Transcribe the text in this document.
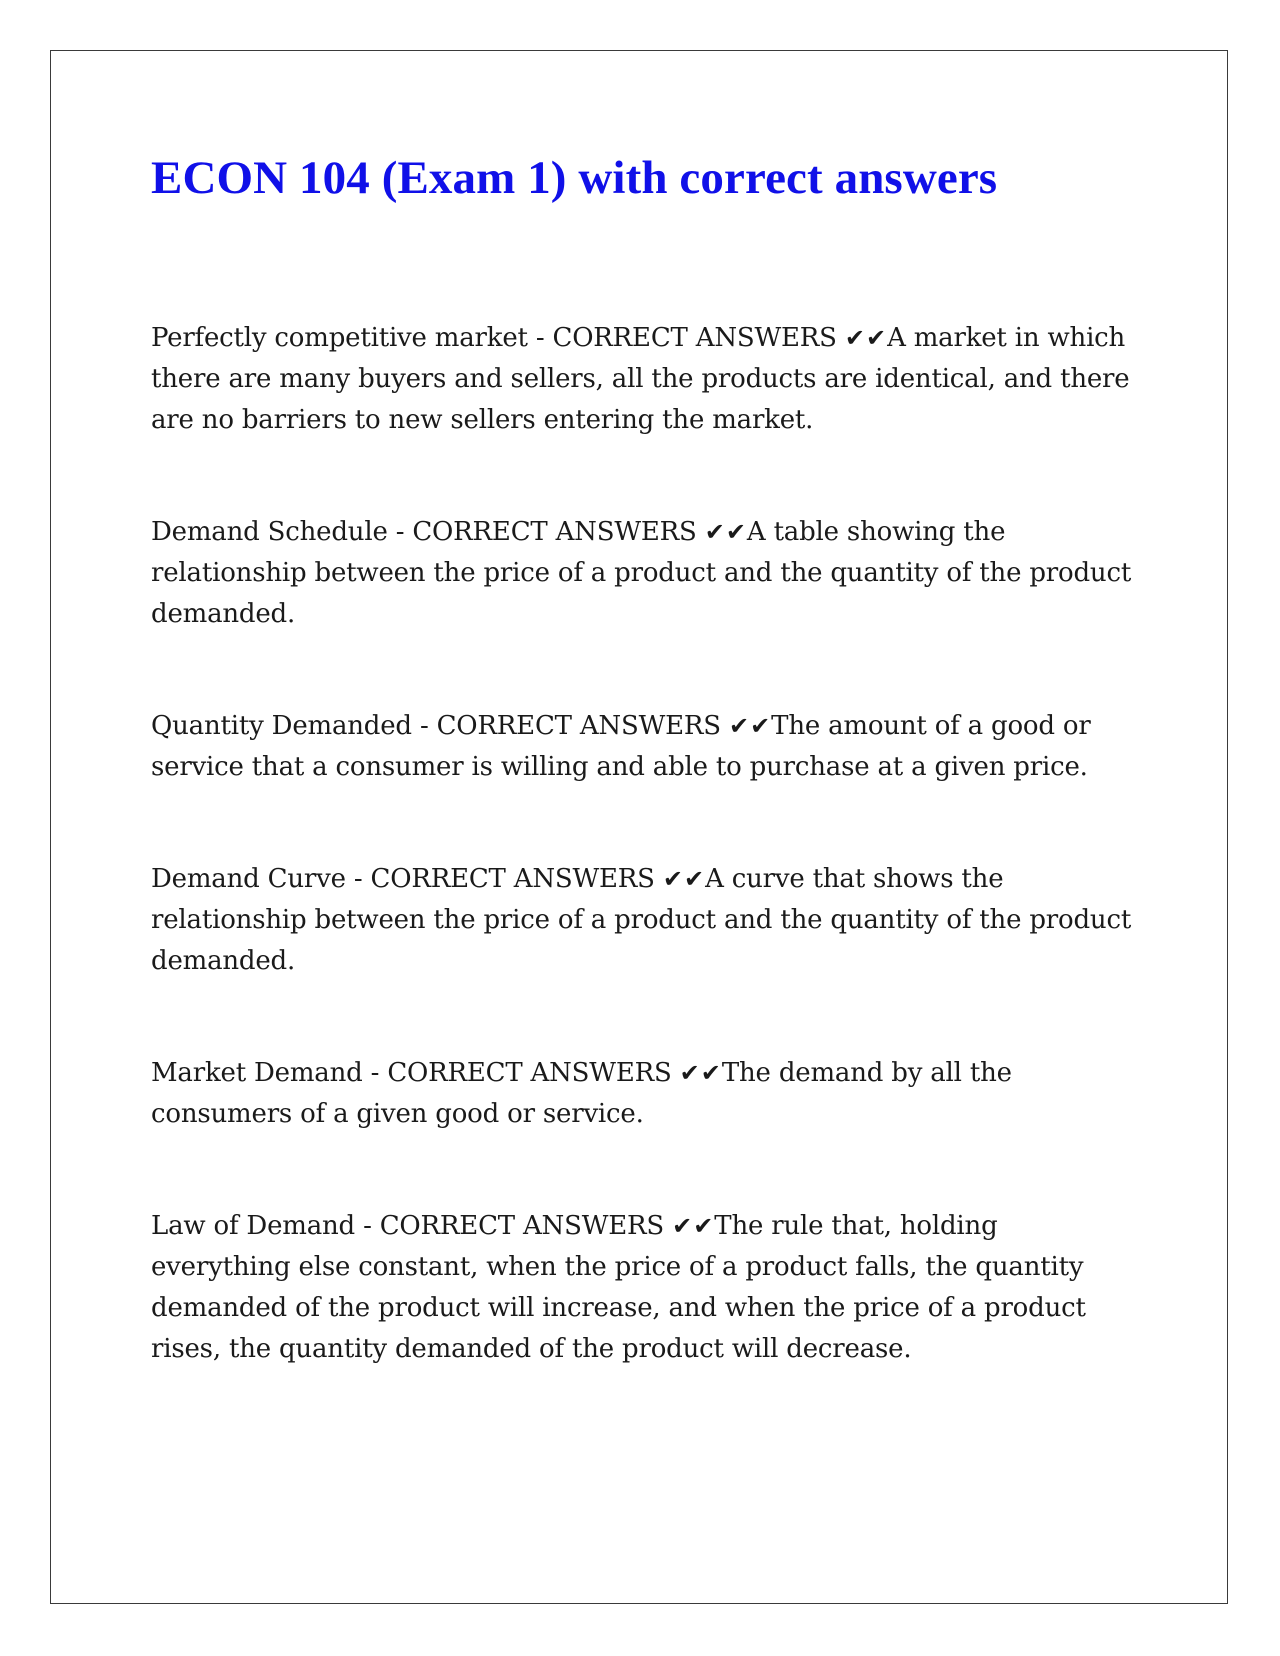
ECON 104 (Exam 1) with correct answers

Perfectly competitive market - CORRECT ANSWERS ✔✔A market in which there are many buyers and sellers, all the products are identical, and there are no barriers to new sellers entering the market.

Demand Schedule - CORRECT ANSWERS ✔✔A table showing the relationship between the price of a product and the quantity of the product demanded.

Quantity Demanded - CORRECT ANSWERS ✔✔The amount of a good or service that a consumer is willing and able to purchase at a given price.

Demand Curve - CORRECT ANSWERS ✔✔A curve that shows the relationship between the price of a product and the quantity of the product demanded.

Market Demand - CORRECT ANSWERS ✔✔The demand by all the consumers of a given good or service.

Law of Demand - CORRECT ANSWERS ✔✔The rule that, holding everything else constant, when the price of a product falls, the quantity demanded of the product will increase, and when the price of a product rises, the quantity demanded of the product will decrease.
